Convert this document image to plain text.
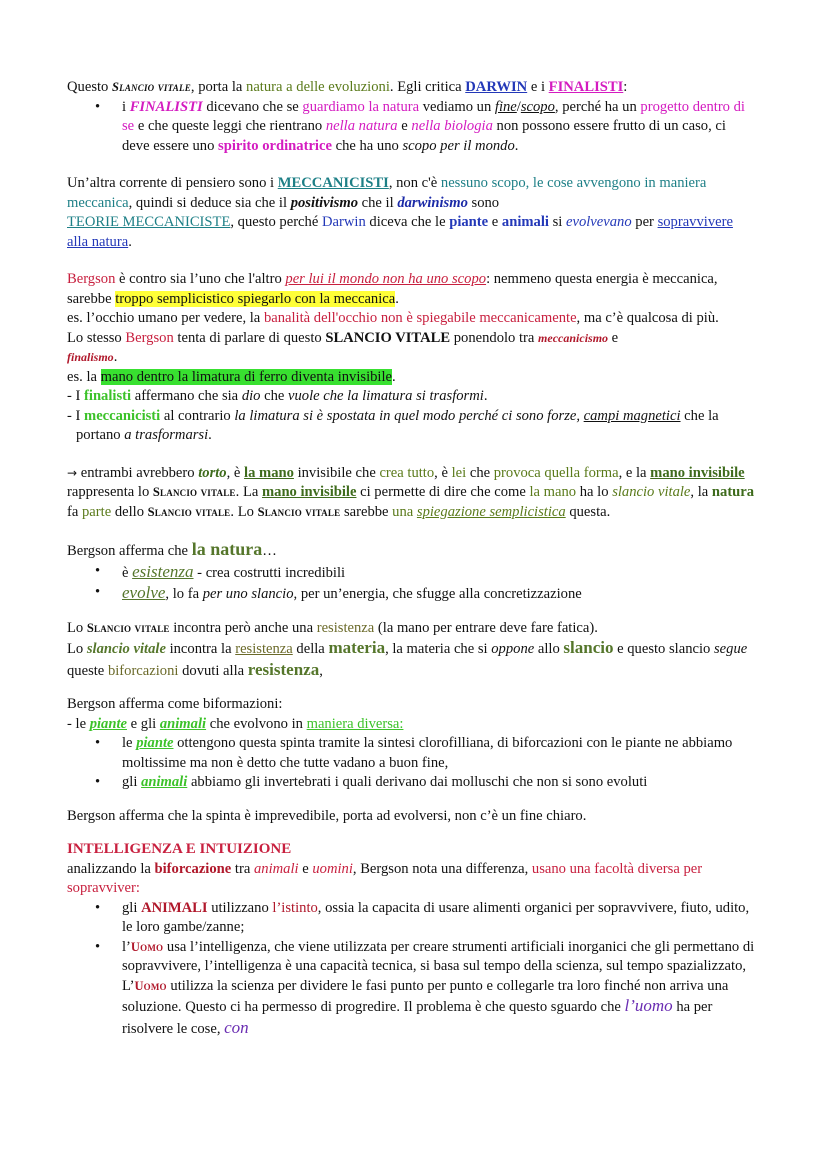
Questo Slancio vitale, porta la natura a delle evoluzioni. Egli critica DARWIN e i FINALISTI:

• i FINALISTI dicevano che se guardiamo la natura vediamo un fine/scopo, perché ha un progetto dentro di se e che queste leggi che rientrano nella natura e nella biologia non possono essere frutto di un caso, ci deve essere uno spirito ordinatrice che ha uno scopo per il mondo.

Un’altra corrente di pensiero sono i MECCANICISTI, non c'è nessuno scopo, le cose avvengono in maniera meccanica, quindi si deduce sia che il positivismo che il darwinismo sono
TEORIE MECCANICISTE, questo perché Darwin diceva che le piante e animali si evolvevano per sopravvivere alla natura.

Bergson è contro sia l’uno che l'altro per lui il mondo non ha uno scopo: nemmeno questa energia è meccanica, sarebbe troppo semplicistico spiegarlo con la meccanica.

es. l’occhio umano per vedere, la banalità dell'occhio non è spiegabile meccanicamente, ma c’è qualcosa di più.

Lo stesso Bergson tenta di parlare di questo SLANCIO VITALE ponendolo tra meccanicismo e
finalismo.

es. la mano dentro la limatura di ferro diventa invisibile.

- I finalisti affermano che sia dio che vuole che la limatura si trasformi.

- I meccanicisti al contrario la limatura si è spostata in quel modo perché ci sono forze, campi magnetici che la portano a trasformarsi.

→ entrambi avrebbero torto, è la mano invisibile che crea tutto, è lei che provoca quella forma, e la mano invisibile rappresenta lo Slancio vitale. La mano invisibile ci permette di dire che come la mano ha lo slancio vitale, la natura fa parte dello Slancio vitale. Lo Slancio vitale sarebbe una spiegazione semplicistica questa.

Bergson afferma che la natura…

• è esistenza - crea costrutti incredibili
• evolve, lo fa per uno slancio, per un’energia, che sfugge alla concretizzazione

Lo Slancio vitale incontra però anche una resistenza (la mano per entrare deve fare fatica).

Lo slancio vitale incontra la resistenza della materia, la materia che si oppone allo slancio e questo slancio segue queste biforcazioni dovuti alla resistenza,

Bergson afferma come biformazioni:

- le piante e gli animali che evolvono in maniera diversa:

• le piante ottengono questa spinta tramite la sintesi clorofilliana, di biforcazioni con le piante ne abbiamo moltissime ma non è detto che tutte vadano a buon fine,
• gli animali abbiamo gli invertebrati i quali derivano dai molluschi che non si sono evoluti

Bergson afferma che la spinta è imprevedibile, porta ad evolversi, non c’è un fine chiaro.

INTELLIGENZA E INTUIZIONE

analizzando la biforcazione tra animali e uomini, Bergson nota una differenza, usano una facoltà diversa per sopravviver:

• gli ANIMALI utilizzano l’istinto, ossia la capacita di usare alimenti organici per sopravvivere, fiuto, udito, le loro gambe/zanne;
• l’Uomo usa l’intelligenza, che viene utilizzata per creare strumenti artificiali inorganici che gli permettano di sopravvivere, l’intelligenza è una capacità tecnica, si basa sul tempo della scienza, sul tempo spazializzato, L’Uomo utilizza la scienza per dividere le fasi punto per punto e collegarle tra loro finché non arriva una soluzione. Questo ci ha permesso di progredire. Il problema è che questo sguardo che l’uomo ha per risolvere le cose, con
